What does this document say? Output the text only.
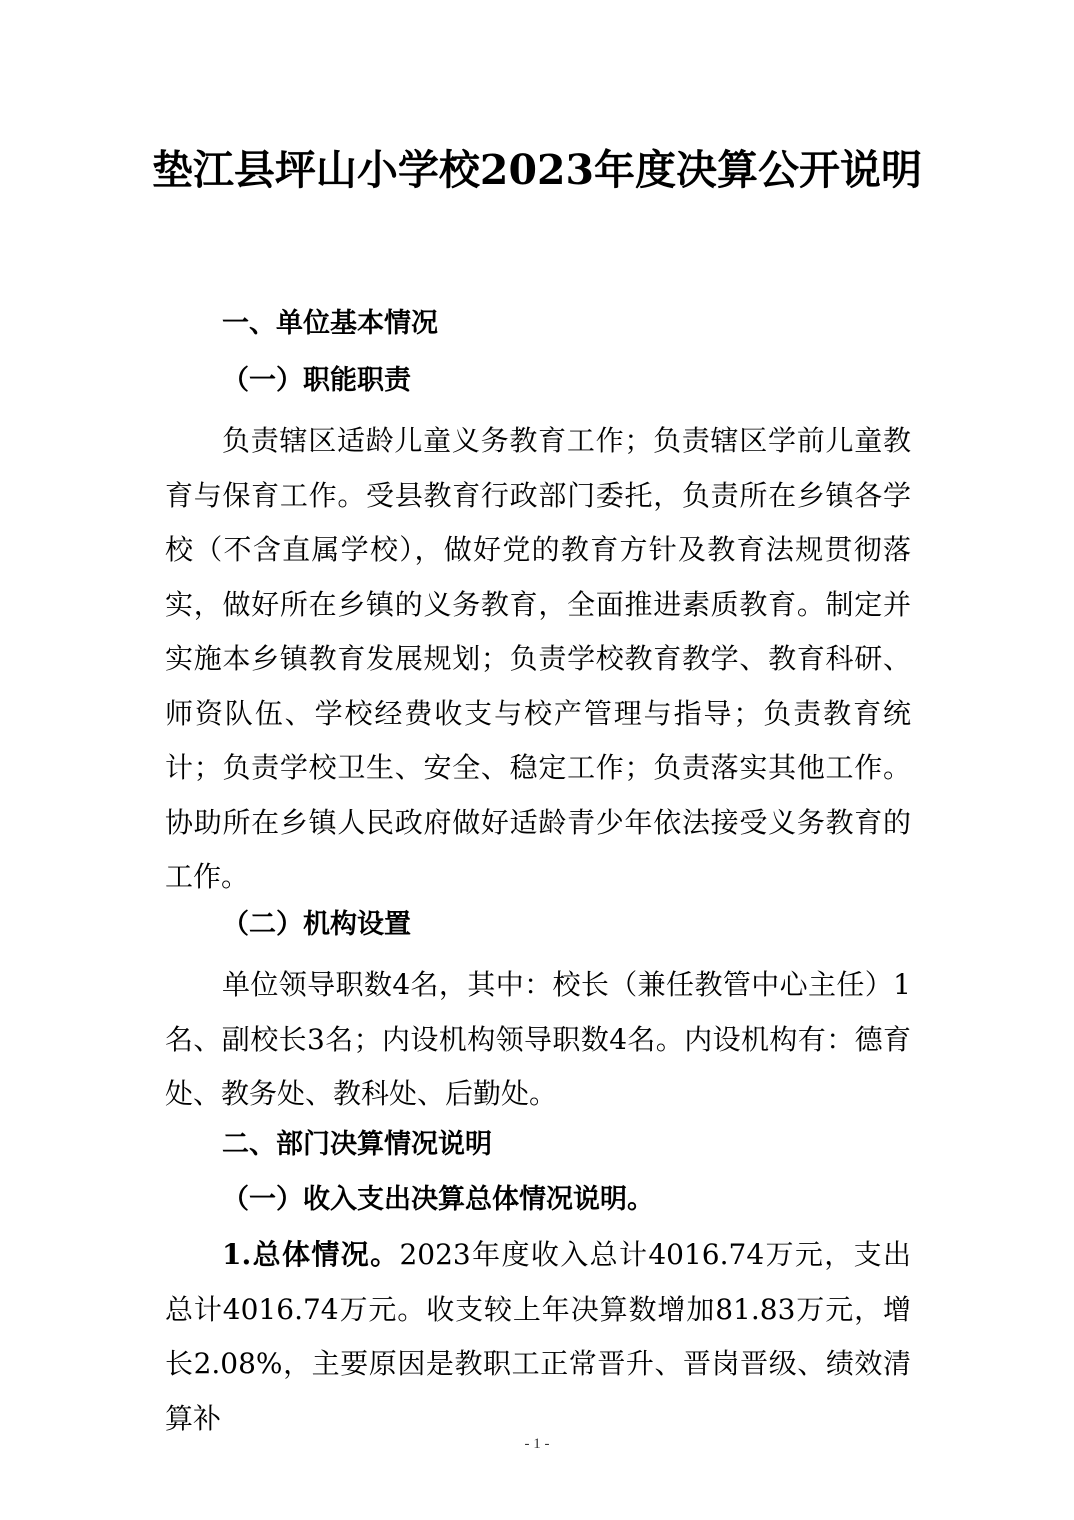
垫江县坪山小学校2023年度决算公开说明
一、单位基本情况
（一）职能职责
负责辖区适龄儿童义务教育工作；负责辖区学前儿童教育与保育工作。受县教育行政部门委托，负责所在乡镇各学校（不含直属学校），做好党的教育方针及教育法规贯彻落实，做好所在乡镇的义务教育，全面推进素质教育。制定并实施本乡镇教育发展规划；负责学校教育教学、教育科研、师资队伍、学校经费收支与校产管理与指导；负责教育统计；负责学校卫生、安全、稳定工作；负责落实其他工作。协助所在乡镇人民政府做好适龄青少年依法接受义务教育的工作。
（二）机构设置
单位领导职数4名，其中：校长（兼任教管中心主任）1名、副校长3名；内设机构领导职数4名。内设机构有：德育处、教务处、教科处、后勤处。
二、部门决算情况说明
（一）收入支出决算总体情况说明。
1.总体情况。2023年度收入总计4016.74万元，支出总计4016.74万元。收支较上年决算数增加81.83万元，增长2.08%，主要原因是教职工正常晋升、晋岗晋级、绩效清算补
- 1 -
